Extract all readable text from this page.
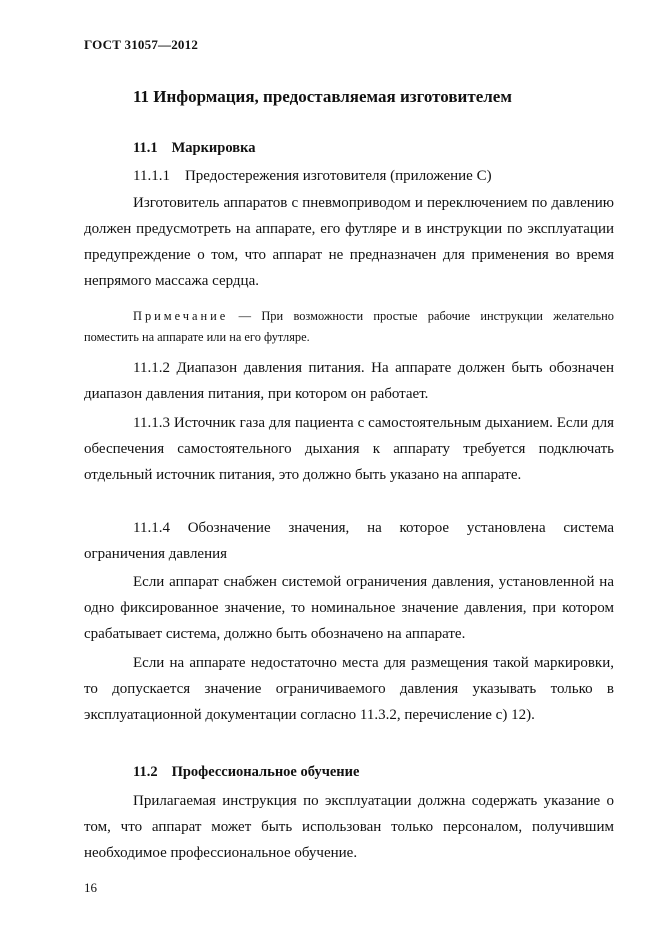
ГОСТ 31057—2012
11 Информация, предоставляемая изготовителем
11.1 Маркировка
11.1.1    Предостережения изготовителя (приложение С)
Изготовитель аппаратов с пневмоприводом и переключением по давлению должен предусмотреть на аппарате, его футляре и в инструкции по эксплуатации предупреждение о том, что аппарат не предназначен для применения во время непрямого массажа сердца.
Примечание — При возможности простые рабочие инструкции желательно поместить на аппарате или на его футляре.
11.1.2 Диапазон давления питания. На аппарате должен быть обозначен диапазон давления питания, при котором он работает.
11.1.3 Источник газа для пациента с самостоятельным дыханием. Если для обеспечения самостоятельного дыхания к аппарату требуется подключать отдельный источник питания, это должно быть указано на аппарате.
11.1.4 Обозначение значения, на которое установлена система ограничения давления
Если аппарат снабжен системой ограничения давления, установленной на одно фиксированное значение, то номинальное значение давления, при котором срабатывает система, должно быть обозначено на аппарате.
Если на аппарате недостаточно места для размещения такой маркировки, то допускается значение ограничиваемого давления указывать только в эксплуатационной документации согласно 11.3.2, перечисление с) 12).
11.2 Профессиональное обучение
Прилагаемая инструкция по эксплуатации должна содержать указание о том, что аппарат может быть использован только персоналом, получившим необходимое профессиональное обучение.
16
